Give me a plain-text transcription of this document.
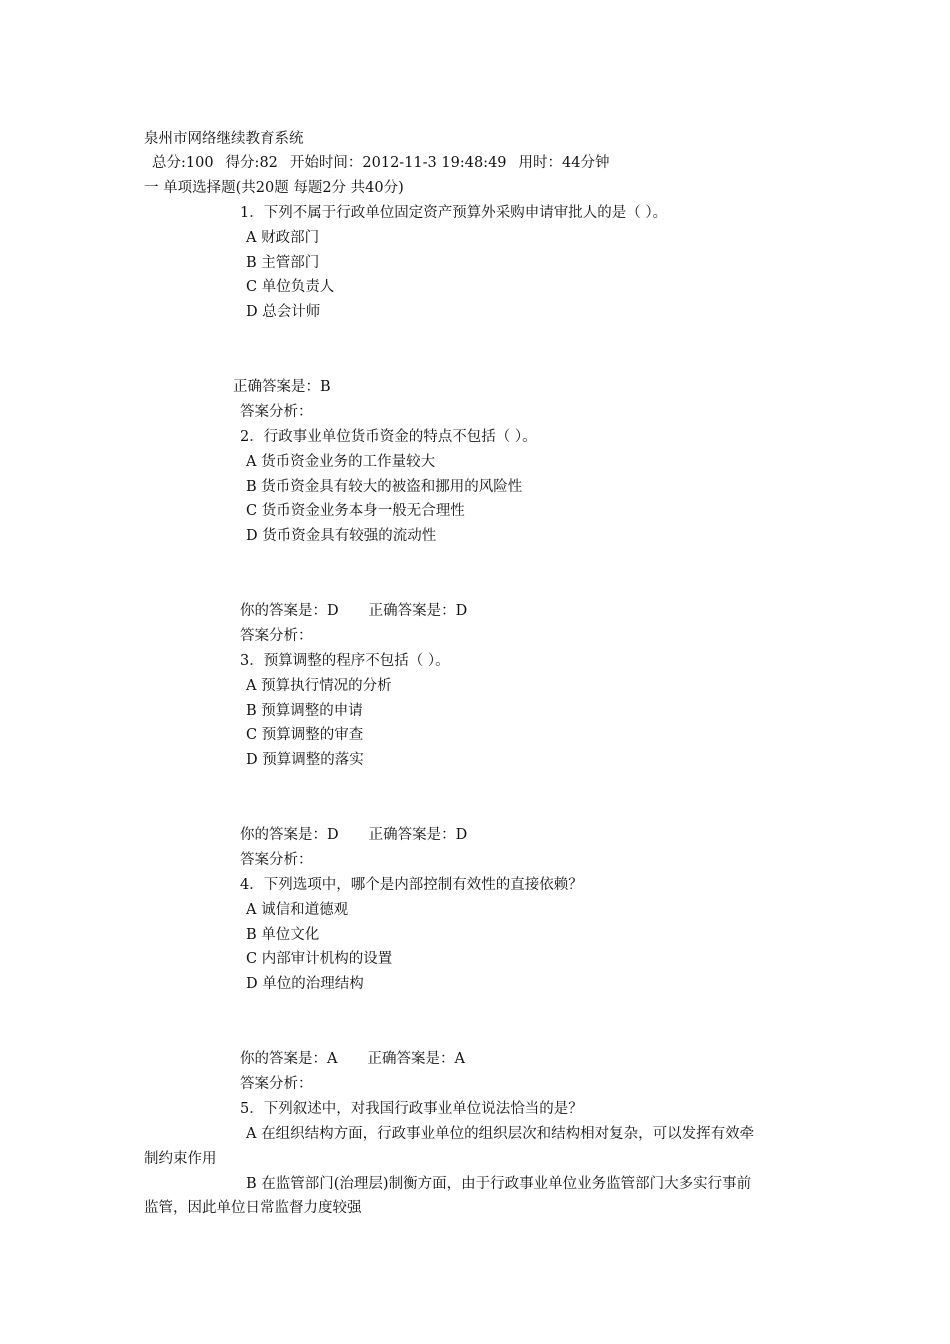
泉州市网络继续教育系统
总分:100 得分:82 开始时间：2012-11-3 19:48:49 用时：44分钟
一 单项选择题(共20题 每题2分 共40分)
1．下列不属于行政单位固定资产预算外采购申请审批人的是（ ）。
A 财政部门
B 主管部门
C 单位负责人
D 总会计师
正确答案是：B
答案分析：
2．行政事业单位货币资金的特点不包括（ ）。
A 货币资金业务的工作量较大
B 货币资金具有较大的被盗和挪用的风险性
C 货币资金业务本身一般无合理性
D 货币资金具有较强的流动性
你的答案是：D 正确答案是：D
答案分析：
3．预算调整的程序不包括（ ）。
A 预算执行情况的分析
B 预算调整的申请
C 预算调整的审查
D 预算调整的落实
你的答案是：D 正确答案是：D
答案分析：
4．下列选项中，哪个是内部控制有效性的直接依赖？
A 诚信和道德观
B 单位文化
C 内部审计机构的设置
D 单位的治理结构
你的答案是：A 正确答案是：A
答案分析：
5．下列叙述中，对我国行政事业单位说法恰当的是？
A 在组织结构方面，行政事业单位的组织层次和结构相对复杂，可以发挥有效牵
制约束作用
B 在监管部门(治理层)制衡方面，由于行政事业单位业务监管部门大多实行事前
监管，因此单位日常监督力度较强
